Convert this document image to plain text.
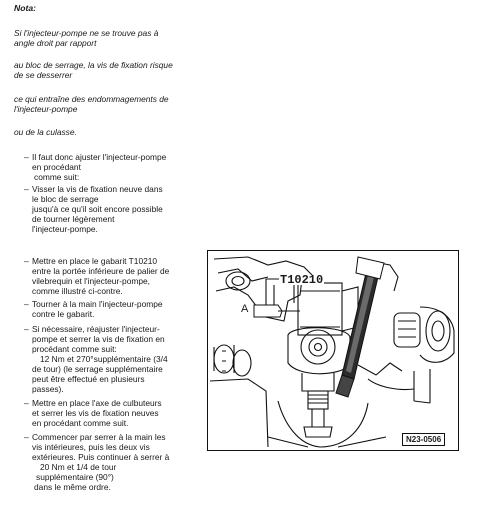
Nota:
Si l'injecteur-pompe ne se trouve pas à
angle droit par rapport
au bloc de serrage, la vis de fixation risque
de se desserrer
ce qui entraîne des endommagements de
l'injecteur-pompe
ou de la culasse.
– Il faut donc ajuster l'injecteur-pompe
en procédant
comme suit:
– Visser la vis de fixation neuve dans
le bloc de serrage
jusqu'à ce qu'il soit encore possible
de tourner légèrement
l'injecteur-pompe.
– Mettre en place le gabarit T10210
entre la portée inférieure de palier de
vilebrequin et l'injecteur-pompe,
comme illustré ci-contre.
– Tourner à la main l'injecteur-pompe
contre le gabarit.
– Si nécessaire, réajuster l'injecteur-
pompe et serrer la vis de fixation en
procédant comme suit:
12 Nm et 270°supplémentaire (3/4
de tour) (le serrage supplémentaire
peut être effectué en plusieurs
passes).
– Mettre en place l'axe de culbuteurs
et serrer les vis de fixation neuves
en procédant comme suit.
– Commencer par serrer à la main les
vis intérieures, puis les deux vis
extérieures. Puis continuer à serrer à
20 Nm et 1/4 de tour
supplémentaire (90°)
dans le même ordre.
T10210
A
N23-0506
